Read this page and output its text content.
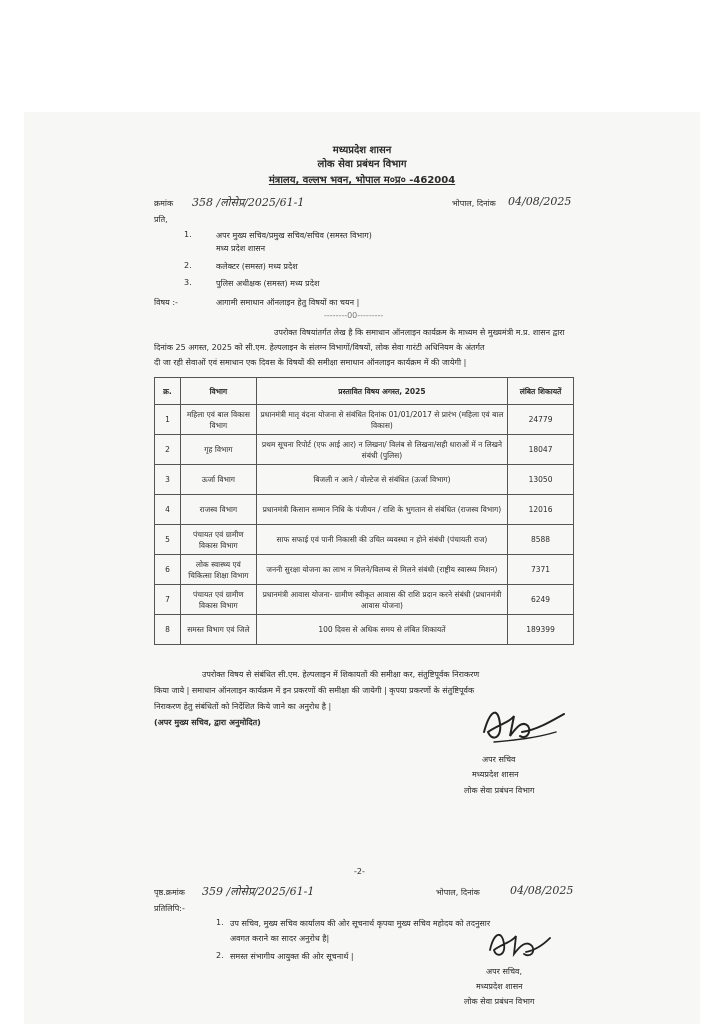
मध्यप्रदेश शासन
लोक सेवा प्रबंधन विभाग
मंत्रालय, वल्लभ भवन, भोपाल म०प्र० -462004
क्रमांक 358 /लोसेप्र/2025/61-1	भोपाल, दिनांक 04/08/2025
प्रति,
1.	अपर मुख्य सचिव/प्रमुख सचिव/सचिव (समस्त विभाग)
मध्य प्रदेश शासन
2.	कलेक्टर (समस्त) मध्य प्रदेश
3.	पुलिस अधीक्षक (समस्त) मध्य प्रदेश
विषय :-	आगामी समाधान ऑनलाइन हेतु विषयों का चयन |
--------00---------
उपरोक्त विषयांतर्गत लेख है कि समाधान ऑनलाइन कार्यक्रम के माध्यम से मुख्यमंत्री म.प्र. शासन द्वारा
दिनांक 25 अगस्त, 2025 को सी.एम. हेल्पलाइन के संलग्न विभागों/विषयों, लोक सेवा गारंटी अधिनियम के अंतर्गत
दी जा रही सेवाओं एवं समाधान एक दिवस के विषयों की समीक्षा समाधान ऑनलाइन कार्यक्रम में की जायेगी |
क्र.	विभाग	प्रस्तावित विषय अगस्त, 2025	लंबित शिकायतें
1	महिला एवं बाल विकास विभाग	प्रधानमंत्री मातृ वंदना योजना से संबंधित दिनांक 01/01/2017 से प्रारंभ (महिला एवं बाल विकास)	24779
2	गृह विभाग	प्रथम सूचना रिपोर्ट (एफ आई आर) न लिखना/ विलंब से लिखना/सही धाराओं में न लिखने संबंधी (पुलिस)	18047
3	ऊर्जा विभाग	बिजली न आने / वोल्टेज से संबंधित (ऊर्जा विभाग)	13050
4	राजस्व विभाग	प्रधानमंत्री किसान सम्मान निधि के पंजीयन / राशि के भुगतान से संबंधित (राजस्व विभाग)	12016
5	पंचायत एवं ग्रामीण विकास विभाग	साफ सफाई एवं पानी निकासी की उचित व्यवस्था न होने संबंधी (पंचायती राज)	8588
6	लोक स्वास्थ्य एवं चिकित्सा शिक्षा विभाग	जननी सुरक्षा योजना का लाभ न मिलने/विलम्ब से मिलने संबंधी (राष्ट्रीय स्वास्थ्य मिशन)	7371
7	पंचायत एवं ग्रामीण विकास विभाग	प्रधानमंत्री आवास योजना- ग्रामीण स्वीकृत आवास की राशि प्रदान करने संबंधी (प्रधानमंत्री आवास योजना)	6249
8	समस्त विभाग एवं जिले	100 दिवस से अधिक समय से लंबित शिकायतें	189399
उपरोक्त विषय से संबंधित सी.एम. हेल्पलाइन में शिकायतों की समीक्षा कर, संतुष्टिपूर्वक निराकरण
किया जाये | समाधान ऑनलाइन कार्यक्रम में इन प्रकरणों की समीक्षा की जायेगी | कृपया प्रकरणों के संतुष्टिपूर्वक
निराकरण हेतु संबंधितों को निर्देशित किये जाने का अनुरोध है |
(अपर मुख्य सचिव, द्वारा अनुमोदित)
अपर सचिव
मध्यप्रदेश शासन
लोक सेवा प्रबंधन विभाग
-2-
पृष्ठ.क्रमांक 359 /लोसेप्र/2025/61-1	भोपाल, दिनांक	04/08/2025
प्रतिलिपि:-
1. उप सचिव, मुख्य सचिव कार्यालय की ओर सूचनार्थ कृपया मुख्य सचिव महोदय को तदनुसार
अवगत कराने का सादर अनुरोध है|
2. समस्त संभागीय आयुक्त की ओर सूचनार्थ |
अपर सचिव,
मध्यप्रदेश शासन
लोक सेवा प्रबंधन विभाग
